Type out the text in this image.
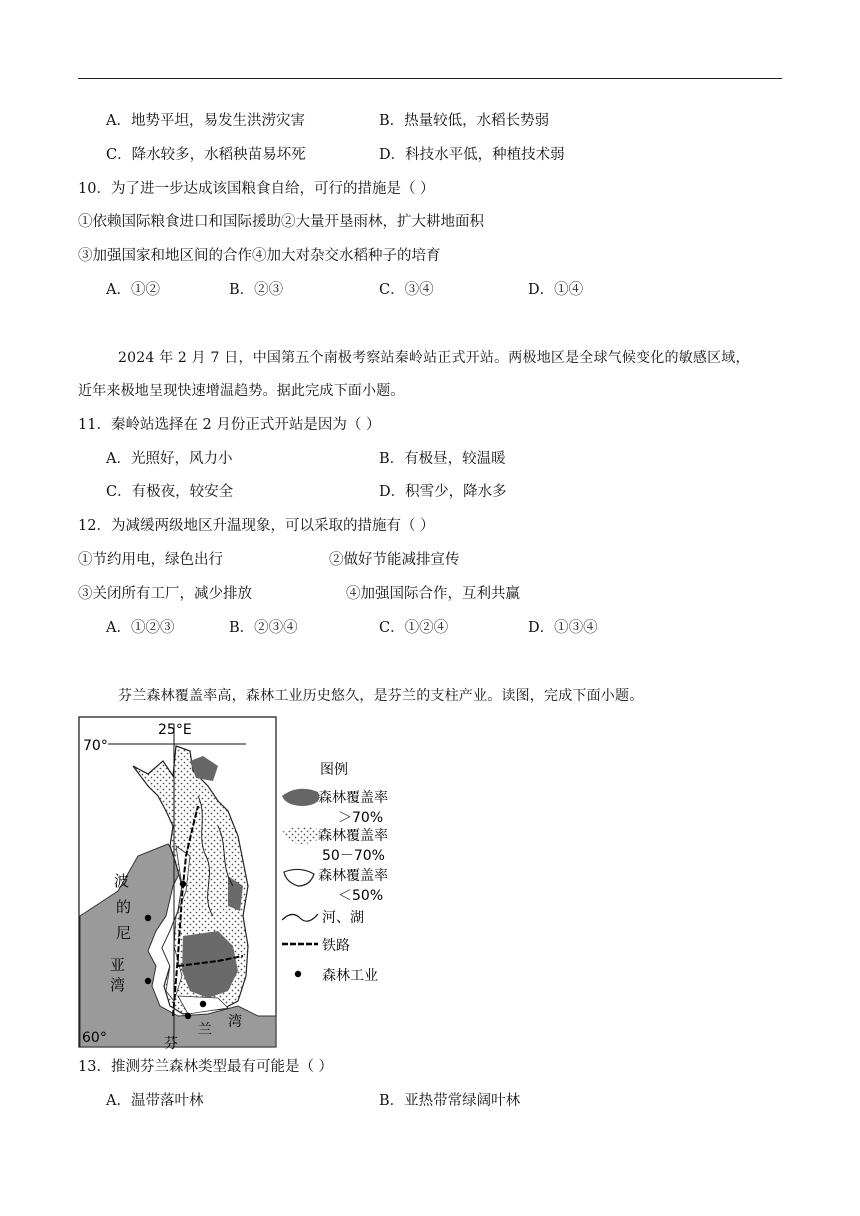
A．地势平坦，易发生洪涝灾害	B．热量较低，水稻长势弱
C．降水较多，水稻秧苗易坏死	D．科技水平低，种植技术弱
10．为了进一步达成该国粮食自给，可行的措施是（ ）
①依赖国际粮食进口和国际援助②大量开垦雨林，扩大耕地面积
③加强国家和地区间的合作④加大对杂交水稻种子的培育
A．①②	B．②③	C．③④	D．①④
2024 年 2 月 7 日，中国第五个南极考察站秦岭站正式开站。两极地区是全球气候变化的敏感区域，
近年来极地呈现快速增温趋势。据此完成下面小题。
11．秦岭站选择在 2 月份正式开站是因为（ ）
A．光照好，风力小	B．有极昼，较温暖
C．有极夜，较安全	D．积雪少，降水多
12．为减缓两级地区升温现象，可以采取的措施有（ ）
①节约用电，绿色出行	②做好节能减排宣传
③关闭所有工厂，减少排放	④加强国际合作，互利共赢
A．①②③	B．②③④	C．①②④	D．①③④
芬兰森林覆盖率高，森林工业历史悠久，是芬兰的支柱产业。读图，完成下面小题。
25°E
70°
60°
波
的
尼
亚
湾
芬
兰 湾
图例
森林覆盖率
＞70%
森林覆盖率
50－70%
森林覆盖率
＜50%
河、湖
铁路
森林工业
13．推测芬兰森林类型最有可能是（ ）
A．温带落叶林	B．亚热带常绿阔叶林
